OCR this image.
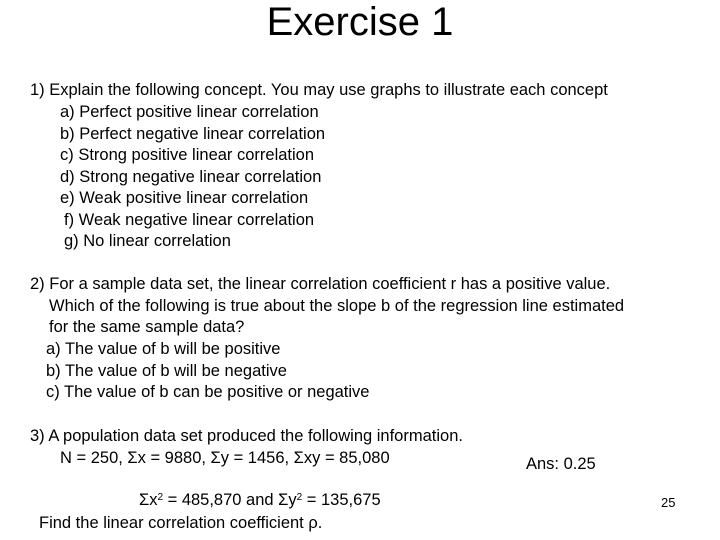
Exercise 1
1) Explain the following concept. You may use graphs to illustrate each concept
a) Perfect positive linear correlation
b) Perfect negative linear correlation
c) Strong positive linear correlation
d) Strong negative linear correlation
e) Weak positive linear correlation
f) Weak negative linear correlation
g) No linear correlation
2) For a sample data set, the linear correlation coefficient r has a positive value.
Which of the following is true about the slope b of the regression line estimated
for the same sample data?
a) The value of b will be positive
b) The value of b will be negative
c) The value of b can be positive or negative
3) A population data set produced the following information.
N = 250, Σx = 9880, Σy = 1456, Σxy = 85,080	Ans: 0.25
$\Sigma x^2 = 485,870$ and $\Sigma y^2 = 135,675$
Find the linear correlation coefficient ρ.
25
